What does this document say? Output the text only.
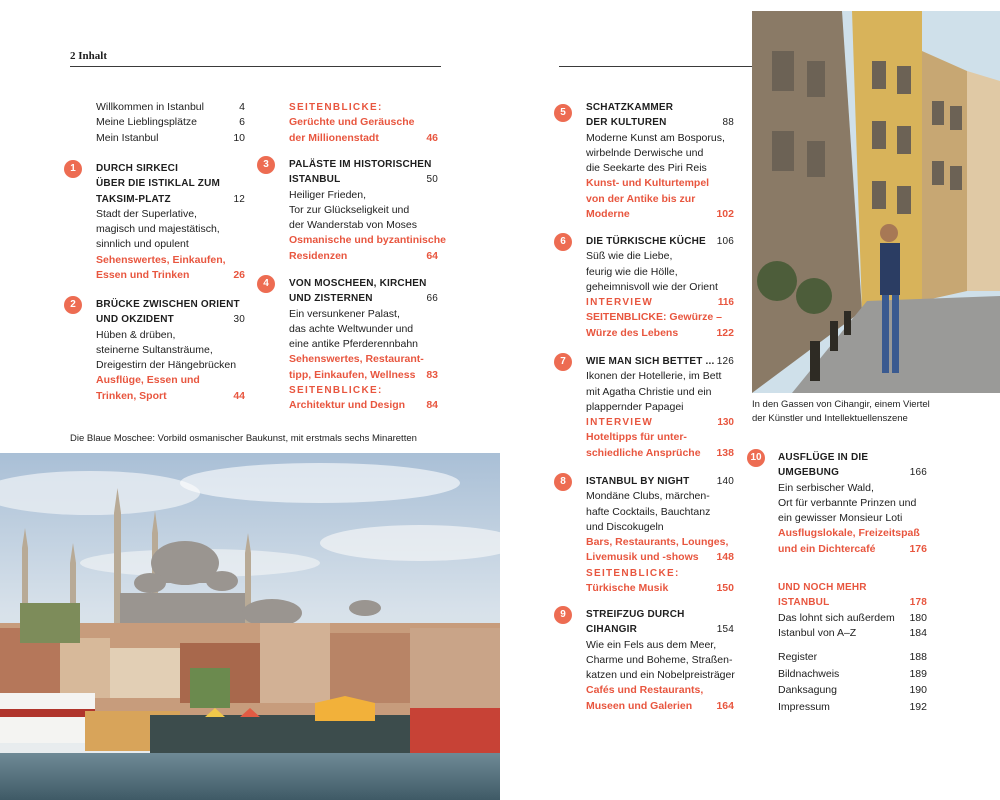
2 Inhalt
Willkommen in Istanbul	4
Meine Lieblingsplätze	6
Mein Istanbul	10
1	DURCH SIRKECI
ÜBER DIE ISTIKLAL ZUM
TAKSIM-PLATZ	12
Stadt der Superlative,
magisch und majestätisch,
sinnlich und opulent
Sehenswertes, Einkaufen,
Essen und Trinken	26
2	BRÜCKE ZWISCHEN ORIENT
UND OKZIDENT	30
Hüben & drüben,
steinerne Sultansträume,
Dreigestirn der Hängebrücken
Ausflüge, Essen und
Trinken, Sport	44
SEITENBLICKE:
Gerüchte und Geräusche
der Millionenstadt	46
3	PALÄSTE IM HISTORISCHEN
ISTANBUL	50
Heiliger Frieden,
Tor zur Glückseligkeit und
der Wanderstab von Moses
Osmanische und byzantinische
Residenzen	64
4	VON MOSCHEEN, KIRCHEN
UND ZISTERNEN	66
Ein versunkener Palast,
das achte Weltwunder und
eine antike Pferderennbahn
Sehenswertes, Restaurant-
tipp, Einkaufen, Wellness 83
SEITENBLICKE:
Architektur und Design 84
Die Blaue Moschee: Vorbild osmanischer Baukunst, mit erstmals sechs Minaretten
5	SCHATZKAMMER
DER KULTUREN	88
Moderne Kunst am Bosporus,
wirbelnde Derwische und
die Seekarte des Piri Reis
Kunst- und Kulturtempel
von der Antike bis zur
Moderne	102
6	DIE TÜRKISCHE KÜCHE 106
Süß wie die Liebe,
feurig wie die Hölle,
geheimnisvoll wie der Orient
INTERVIEW	116
SEITENBLICKE: Gewürze –
Würze des Lebens	122
7	WIE MAN SICH BETTET ... 126
Ikonen der Hotellerie, im Bett
mit Agatha Christie und ein
plappernder Papagei
INTERVIEW	130
Hoteltipps für unter-
schiedliche Ansprüche 138
8	ISTANBUL BY NIGHT	140
Mondäne Clubs, märchen-
hafte Cocktails, Bauchtanz
und Discokugeln
Bars, Restaurants, Lounges,
Livemusik und -shows 148
SEITENBLICKE:
Türkische Musik	150
9	STREIFZUG DURCH
CIHANGIR	154
Wie ein Fels aus dem Meer,
Charme und Boheme, Straßen-
katzen und ein Nobelpreisträger
Cafés und Restaurants,
Museen und Galerien 164
In den Gassen von Cihangir, einem Viertel
der Künstler und Intellektuellenszene
10	AUSFLÜGE IN DIE
UMGEBUNG	166
Ein serbischer Wald,
Ort für verbannte Prinzen und
ein gewisser Monsieur Loti
Ausflugslokale, Freizeitspaß
und ein Dichtercafé	176
UND NOCH MEHR
ISTANBUL	178
Das lohnt sich außerdem 180
Istanbul von A–Z	184
Register	188
Bildnachweis	189
Danksagung	190
Impressum	192
